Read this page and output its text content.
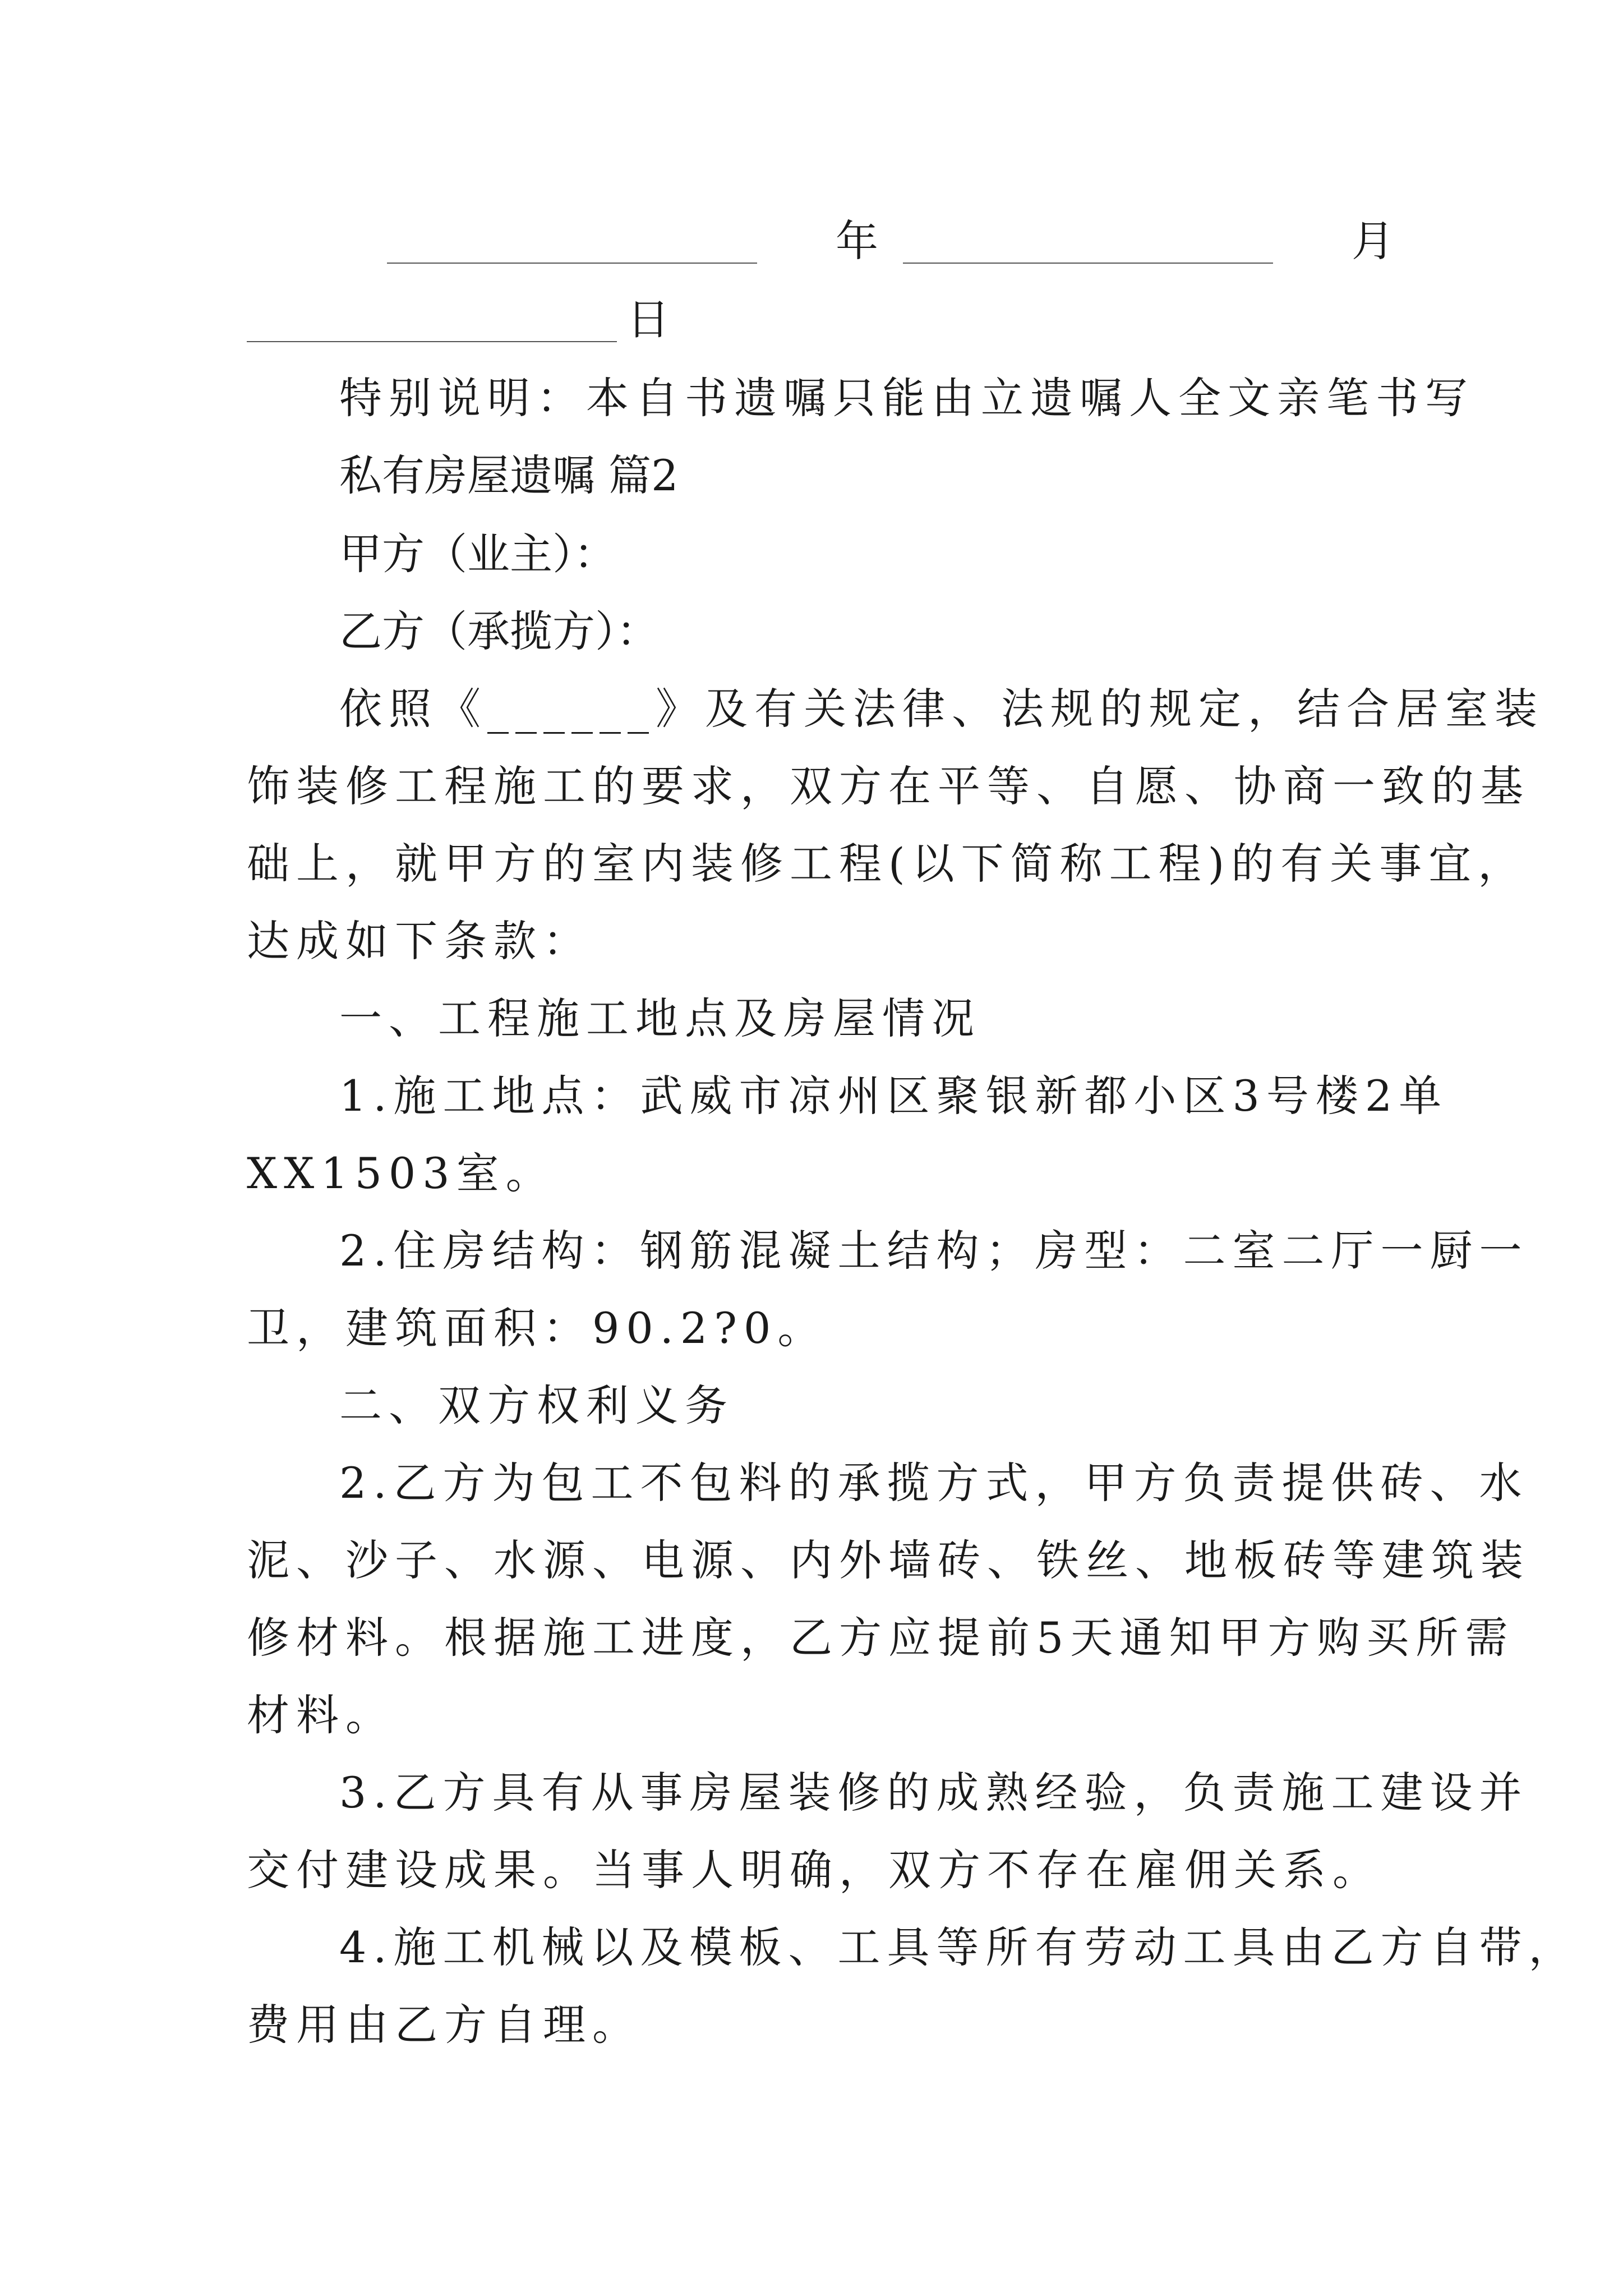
年	月
日
特别说明：本自书遗嘱只能由立遗嘱人全文亲笔书写
私有房屋遗嘱 篇2
甲方（业主）：
乙方（承揽方）：
依照《______》及有关法律、法规的规定，结合居室装
饰装修工程施工的要求，双方在平等、自愿、协商一致的基
础上，就甲方的室内装修工程(以下简称工程)的有关事宜，
达成如下条款：
一、工程施工地点及房屋情况
1.施工地点：武威市凉州区聚银新都小区3号楼2单
XX1503室。
2.住房结构：钢筋混凝土结构；房型：二室二厅一厨一
卫，建筑面积：90.2?0。
二、双方权利义务
2.乙方为包工不包料的承揽方式，甲方负责提供砖、水
泥、沙子、水源、电源、内外墙砖、铁丝、地板砖等建筑装
修材料。根据施工进度，乙方应提前5天通知甲方购买所需
材料。
3.乙方具有从事房屋装修的成熟经验，负责施工建设并
交付建设成果。当事人明确，双方不存在雇佣关系。
4.施工机械以及模板、工具等所有劳动工具由乙方自带，
费用由乙方自理。
